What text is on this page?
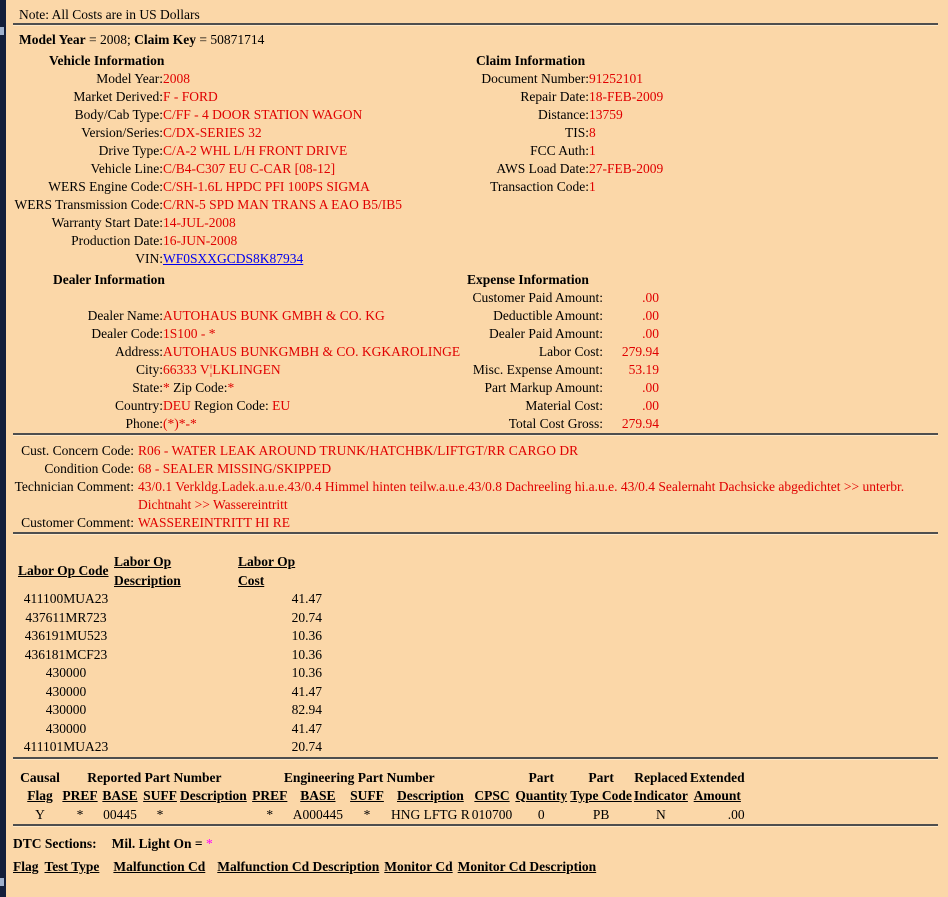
Note: All Costs are in US Dollars
Model Year = 2008; Claim Key = 50871714
Vehicle Information
Model Year:	2008
Market Derived:	F - FORD
Body/Cab Type:	C/FF - 4 DOOR STATION WAGON
Version/Series:	C/DX-SERIES 32
Drive Type:	C/A-2 WHL L/H FRONT DRIVE
Vehicle Line:	C/B4-C307 EU C-CAR [08-12]
WERS Engine Code:	C/SH-1.6L HPDC PFI 100PS SIGMA
WERS Transmission Code:	C/RN-5 SPD MAN TRANS A EAO B5/IB5
Warranty Start Date:	14-JUL-2008
Production Date:	16-JUN-2008
VIN:	WF0SXXGCDS8K87934
Dealer Information
Dealer Name:	AUTOHAUS BUNK GMBH & CO. KG
Dealer Code:	1S100 - *
Address:	AUTOHAUS BUNKGMBH & CO. KGKAROLINGE
City:	66333 V¦LKLINGEN
State:	* Zip Code:*
Country:	DEU Region Code: EU
Phone:	(*)*-*
Claim Information
Document Number:	91252101
Repair Date:	18-FEB-2009
Distance:	13759
TIS:	8
FCC Auth:	1
AWS Load Date:	27-FEB-2009
Transaction Code:	1
Expense Information
Customer Paid Amount:	.00
Deductible Amount:	.00
Dealer Paid Amount:	.00
Labor Cost:	279.94
Misc. Expense Amount:	53.19
Part Markup Amount:	.00
Material Cost:	.00
Total Cost Gross:	279.94
Cust. Concern Code:	R06 - WATER LEAK AROUND TRUNK/HATCHBK/LIFTGT/RR CARGO DR
Condition Code:	68 - SEALER MISSING/SKIPPED
Technician Comment:	43/0.1 Verkldg.Ladek.a.u.e.43/0.4 Himmel hinten teilw.a.u.e.43/0.8 Dachreeling hi.a.u.e. 43/0.4 Sealernaht Dachsicke abgedichtet >> unterbr. Dichtnaht >> Wassereintritt
Customer Comment:	WASSEREINTRITT HI RE
Labor Op Code	Labor Op Description	Labor Op Cost
411100MUA23		41.47
437611MR723		20.74
436191MU523		10.36
436181MCF23		10.36
430000		10.36
430000		41.47
430000		82.94
430000		41.47
411101MUA23		20.74
Causal	Reported Part Number				Engineering Part Number					Part	Part	Replaced	Extended
Flag	PREF	BASE	SUFF	Description	PREF	BASE	SUFF	Description	CPSC	Quantity	Type Code	Indicator	Amount
Y	*	00445	*		*	A000445	*	HNG LFTG R	010700	0	PB	N	.00
DTC Sections: Mil. Light On = *
Flag Test Type Malfunction Cd Malfunction Cd Description Monitor Cd Monitor Cd Description
